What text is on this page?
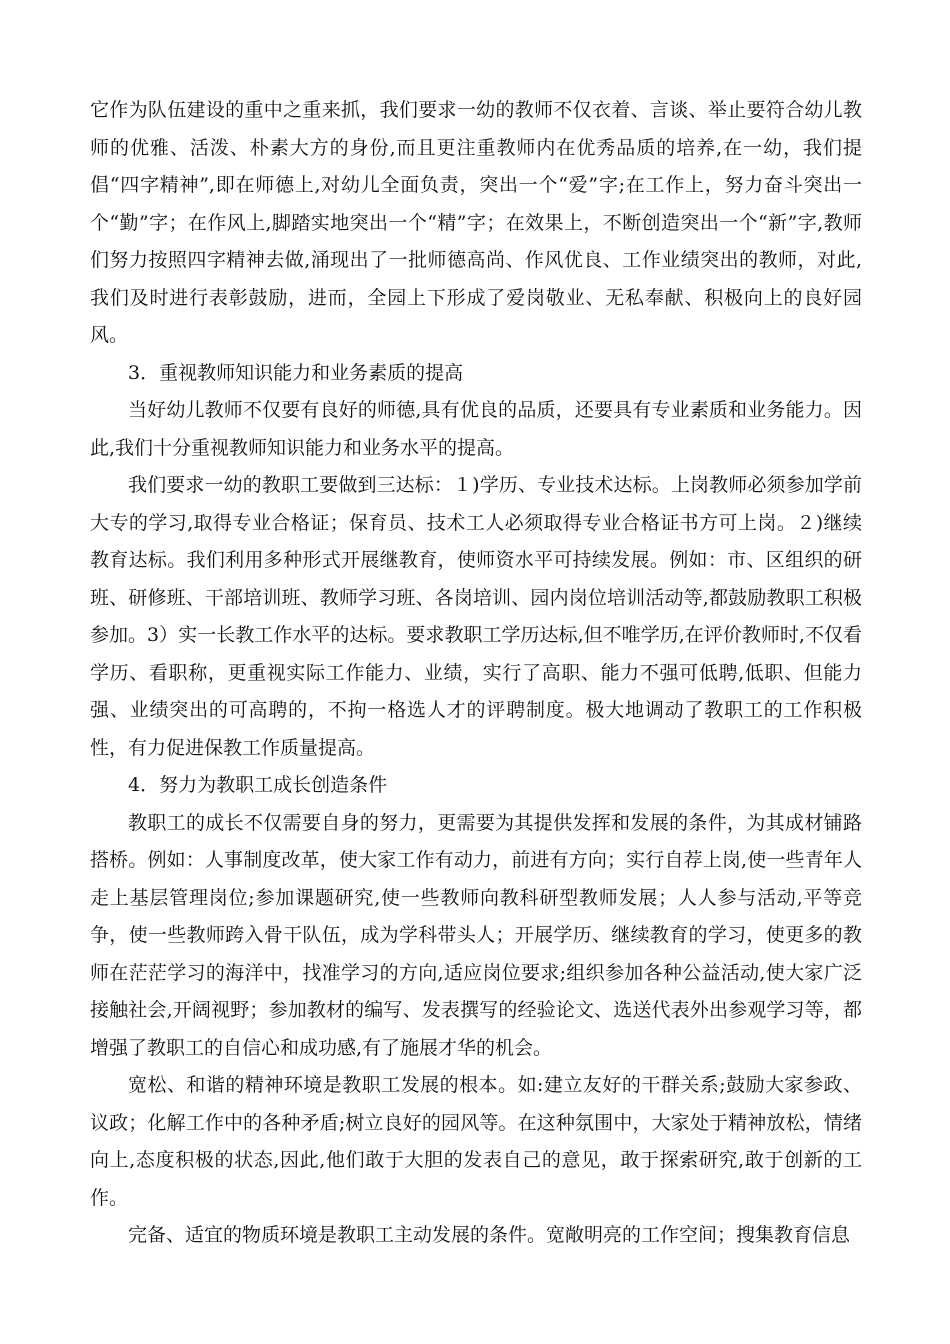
它作为队伍建设的重中之重来抓，我们要求一幼的教师不仅衣着、言谈、举止要符合幼儿教师的优雅、活泼、朴素大方的身份,而且更注重教师内在优秀品质的培养,在一幼，我们提倡“四字精神”,即在师德上,对幼儿全面负责，突出一个“爱”字;在工作上，努力奋斗突出一个“勤”字；在作风上,脚踏实地突出一个“精”字；在效果上，不断创造突出一个“新”字,教师们努力按照四字精神去做,涌现出了一批师德高尚、作风优良、工作业绩突出的教师，对此,我们及时进行表彰鼓励，进而，全园上下形成了爱岗敬业、无私奉献、积极向上的良好园风。

3．重视教师知识能力和业务素质的提高

当好幼儿教师不仅要有良好的师德,具有优良的品质，还要具有专业素质和业务能力。因此,我们十分重视教师知识能力和业务水平的提高。

我们要求一幼的教职工要做到三达标：１)学历、专业技术达标。上岗教师必须参加学前大专的学习,取得专业合格证；保育员、技术工人必须取得专业合格证书方可上岗。２)继续教育达标。我们利用多种形式开展继教育，使师资水平可持续发展。例如：市、区组织的研班、研修班、干部培训班、教师学习班、各岗培训、园内岗位培训活动等,都鼓励教职工积极参加。3）实一长教工作水平的达标。要求教职工学历达标,但不唯学历,在评价教师时,不仅看学历、看职称，更重视实际工作能力、业绩，实行了高职、能力不强可低聘,低职、但能力强、业绩突出的可高聘的，不拘一格选人才的评聘制度。极大地调动了教职工的工作积极性，有力促进保教工作质量提高。

4．努力为教职工成长创造条件

教职工的成长不仅需要自身的努力，更需要为其提供发挥和发展的条件，为其成材铺路搭桥。例如：人事制度改革，使大家工作有动力，前进有方向；实行自荐上岗,使一些青年人走上基层管理岗位;参加课题研究,使一些教师向教科研型教师发展；人人参与活动,平等竞争，使一些教师跨入骨干队伍，成为学科带头人；开展学历、继续教育的学习，使更多的教师在茫茫学习的海洋中，找准学习的方向,适应岗位要求;组织参加各种公益活动,使大家广泛接触社会,开阔视野；参加教材的编写、发表撰写的经验论文、选送代表外出参观学习等，都增强了教职工的自信心和成功感,有了施展才华的机会。

宽松、和谐的精神环境是教职工发展的根本。如:建立友好的干群关系;鼓励大家参政、议政；化解工作中的各种矛盾;树立良好的园风等。在这种氛围中，大家处于精神放松，情绪向上,态度积极的状态,因此,他们敢于大胆的发表自己的意见，敢于探索研究,敢于创新的工作。

完备、适宜的物质环境是教职工主动发展的条件。宽敞明亮的工作空间；搜集教育信息
